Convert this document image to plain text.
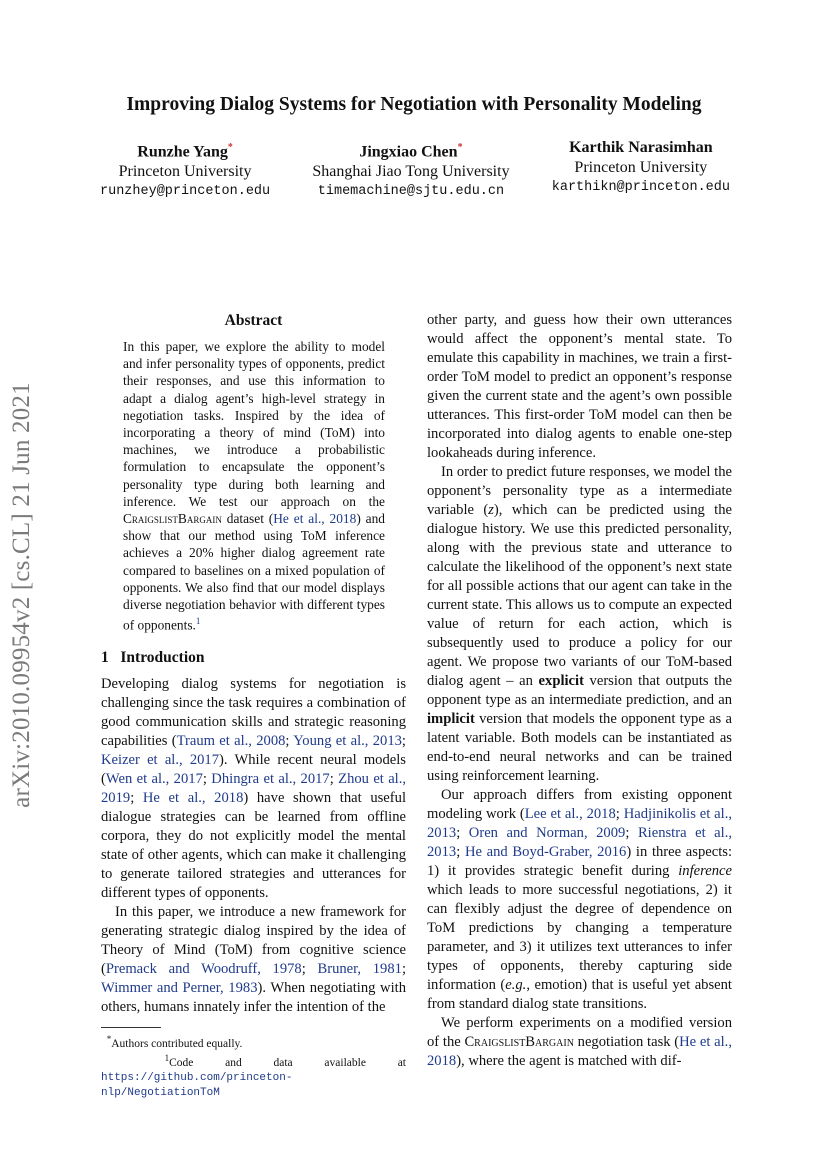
arXiv:2010.09954v2 [cs.CL] 21 Jun 2021
Improving Dialog Systems for Negotiation with Personality Modeling
Runzhe Yang*
Princeton University
runzhey@princeton.edu
Jingxiao Chen*
Shanghai Jiao Tong University
timemachine@sjtu.edu.cn
Karthik Narasimhan
Princeton University
karthikn@princeton.edu
Abstract
In this paper, we explore the ability to model and infer personality types of opponents, predict their responses, and use this information to adapt a dialog agent’s high-level strategy in negotiation tasks. Inspired by the idea of incorporating a theory of mind (ToM) into machines, we introduce a probabilistic formulation to encapsulate the opponent’s personality type during both learning and inference. We test our approach on the CraigslistBargain dataset (He et al., 2018) and show that our method using ToM inference achieves a 20% higher dialog agreement rate compared to baselines on a mixed population of opponents. We also find that our model displays diverse negotiation behavior with different types of opponents.$^1$
1 Introduction

Developing dialog systems for negotiation is challenging since the task requires a combination of good communication skills and strategic reasoning capabilities (Traum et al., 2008; Young et al., 2013; Keizer et al., 2017). While recent neural models (Wen et al., 2017; Dhingra et al., 2017; Zhou et al., 2019; He et al., 2018) have shown that useful dialogue strategies can be learned from offline corpora, they do not explicitly model the mental state of other agents, which can make it challenging to generate tailored strategies and utterances for different types of opponents.

In this paper, we introduce a new framework for generating strategic dialog inspired by the idea of Theory of Mind (ToM) from cognitive science (Premack and Woodruff, 1978; Bruner, 1981; Wimmer and Perner, 1983). When negotiating with others, humans innately infer the intention of the

*Authors contributed equally.
$^1$Code and data available at https://github.com/princeton-nlp/NegotiationToM

other party, and guess how their own utterances would affect the opponent’s mental state. To emulate this capability in machines, we train a first-order ToM model to predict an opponent’s response given the current state and the agent’s own possible utterances. This first-order ToM model can then be incorporated into dialog agents to enable one-step lookaheads during inference.

In order to predict future responses, we model the opponent’s personality type as a intermediate variable (z), which can be predicted using the dialogue history. We use this predicted personality, along with the previous state and utterance to calculate the likelihood of the opponent’s next state for all possible actions that our agent can take in the current state. This allows us to compute an expected value of return for each action, which is subsequently used to produce a policy for our agent. We propose two variants of our ToM-based dialog agent – an explicit version that outputs the opponent type as an intermediate prediction, and an implicit version that models the opponent type as a latent variable. Both models can be instantiated as end-to-end neural networks and can be trained using reinforcement learning.

Our approach differs from existing opponent modeling work (Lee et al., 2018; Hadjinikolis et al., 2013; Oren and Norman, 2009; Rienstra et al., 2013; He and Boyd-Graber, 2016) in three aspects: 1) it provides strategic benefit during inference which leads to more successful negotiations, 2) it can flexibly adjust the degree of dependence on ToM predictions by changing a temperature parameter, and 3) it utilizes text utterances to infer types of opponents, thereby capturing side information (e.g., emotion) that is useful yet absent from standard dialog state transitions.

We perform experiments on a modified version of the CraigslistBargain negotiation task (He et al., 2018), where the agent is matched with dif-
